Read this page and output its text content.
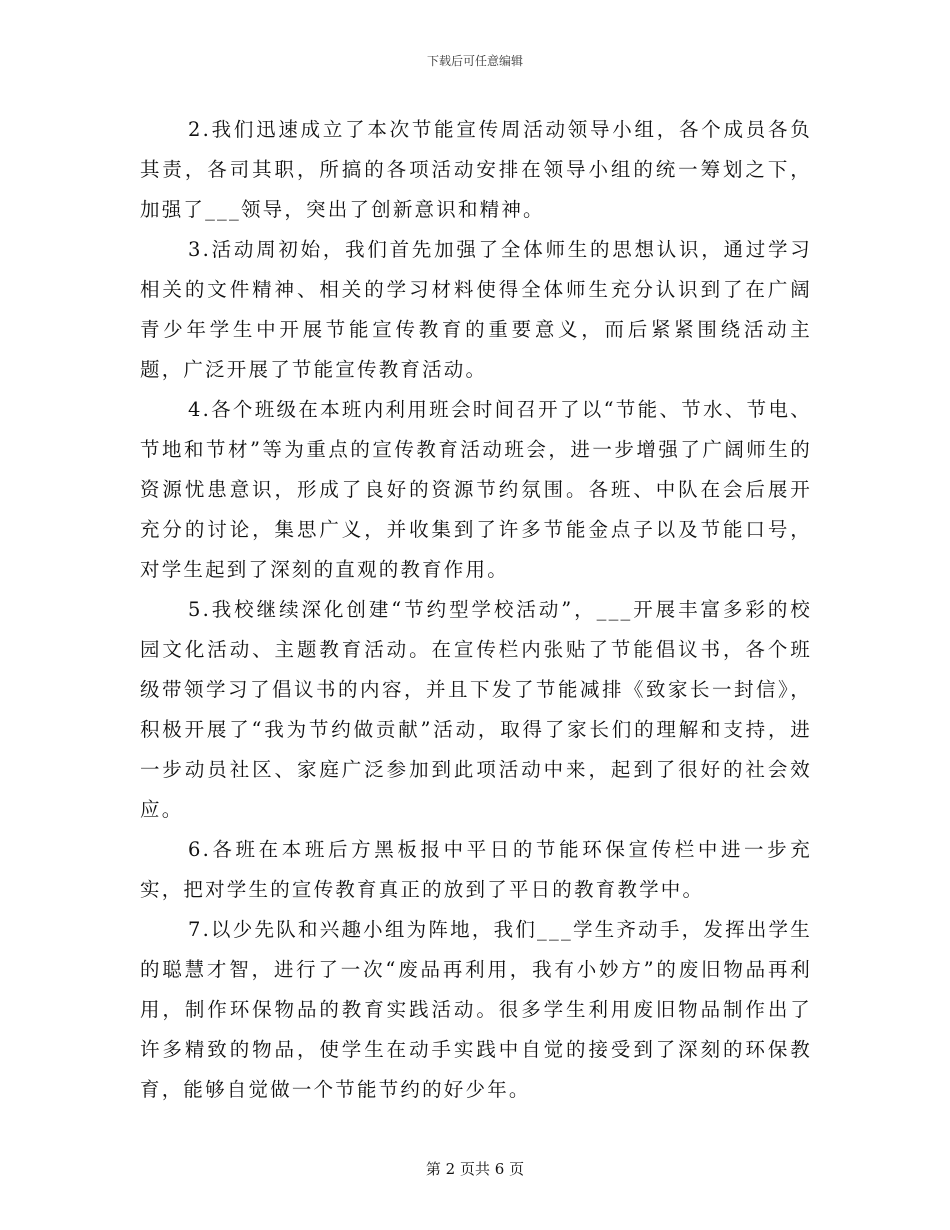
下载后可任意编辑

2.我们迅速成立了本次节能宣传周活动领导小组，各个成员各负其责，各司其职，所搞的各项活动安排在领导小组的统一筹划之下，加强了___领导，突出了创新意识和精神。

3.活动周初始，我们首先加强了全体师生的思想认识，通过学习相关的文件精神、相关的学习材料使得全体师生充分认识到了在广阔青少年学生中开展节能宣传教育的重要意义，而后紧紧围绕活动主题，广泛开展了节能宣传教育活动。

4.各个班级在本班内利用班会时间召开了以“节能、节水、节电、节地和节材”等为重点的宣传教育活动班会，进一步增强了广阔师生的资源忧患意识，形成了良好的资源节约氛围。各班、中队在会后展开充分的讨论，集思广义，并收集到了许多节能金点子以及节能口号，对学生起到了深刻的直观的教育作用。

5.我校继续深化创建“节约型学校活动”，___开展丰富多彩的校园文化活动、主题教育活动。在宣传栏内张贴了节能倡议书，各个班级带领学习了倡议书的内容，并且下发了节能减排《致家长一封信》，积极开展了“我为节约做贡献”活动，取得了家长们的理解和支持，进一步动员社区、家庭广泛参加到此项活动中来，起到了很好的社会效应。

6.各班在本班后方黑板报中平日的节能环保宣传栏中进一步充实，把对学生的宣传教育真正的放到了平日的教育教学中。

7.以少先队和兴趣小组为阵地，我们___学生齐动手，发挥出学生的聪慧才智，进行了一次“废品再利用，我有小妙方”的废旧物品再利用，制作环保物品的教育实践活动。很多学生利用废旧物品制作出了许多精致的物品，使学生在动手实践中自觉的接受到了深刻的环保教育，能够自觉做一个节能节约的好少年。

第 2 页共 6 页
